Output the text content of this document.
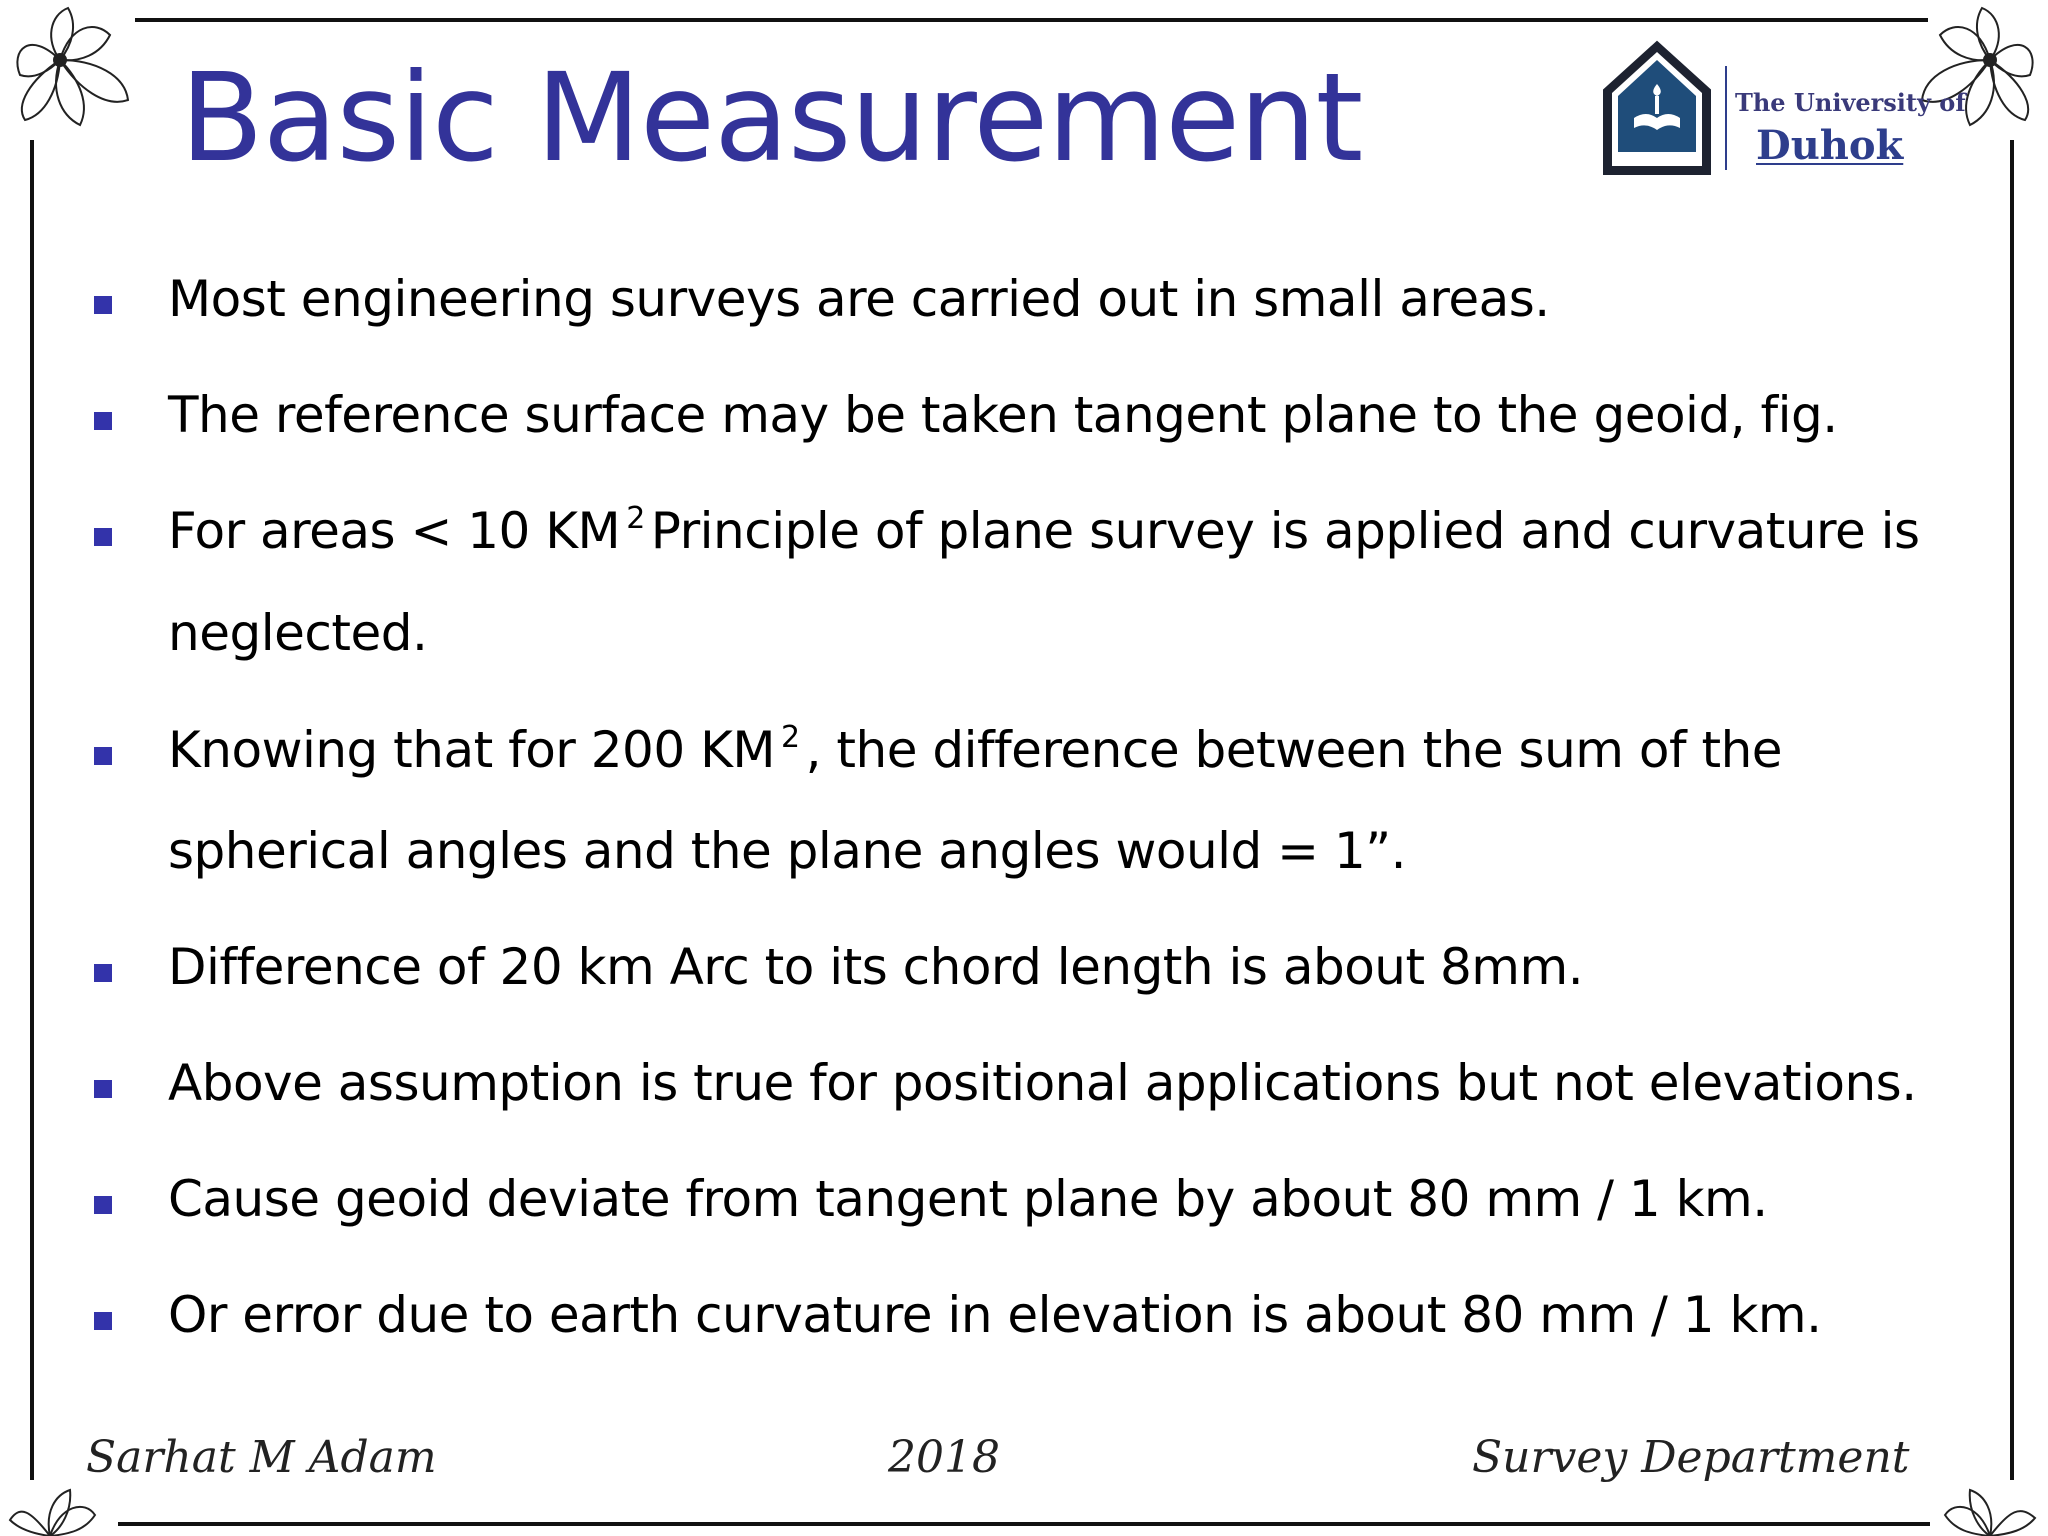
Basic Measurement	The University of
Duhok
Most engineering surveys are carried out in small areas.
The reference surface may be taken tangent plane to the geoid, fig.
For areas < 10 KM $^2$ Principle of plane survey is applied and curvature is
neglected.
Knowing that for 200 KM $^2$ , the difference between the sum of the
spherical angles and the plane angles would = 1”.
Difference of 20 km Arc to its chord length is about 8mm.
Above assumption is true for positional applications but not elevations.
Cause geoid deviate from tangent plane by about 80 mm / 1 km.
Or error due to earth curvature in elevation is about 80 mm / 1 km.
Sarhat M Adam	2018	Survey Department
